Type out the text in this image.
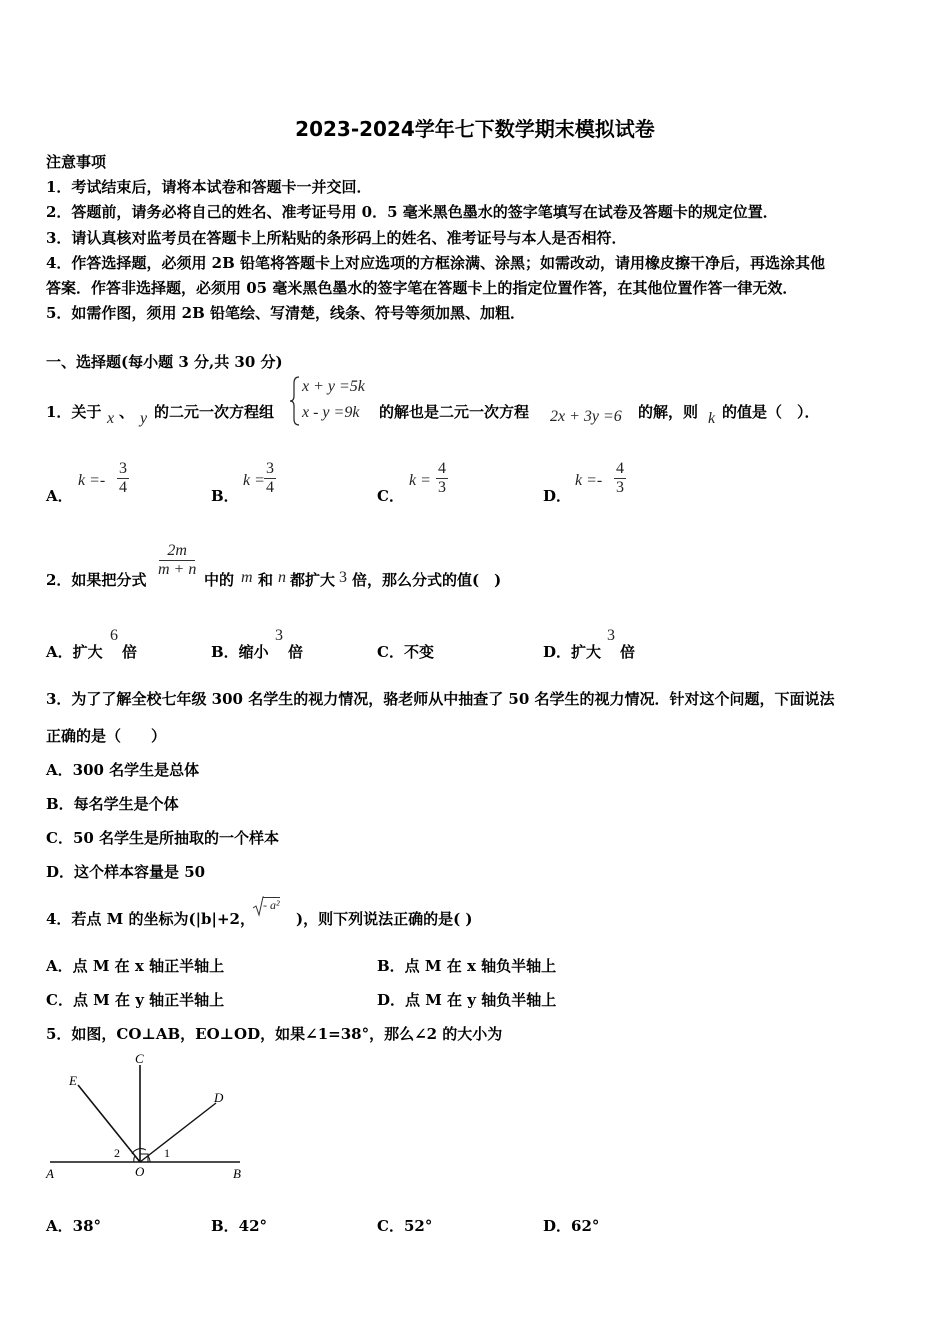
2023-2024学年七下数学期末模拟试卷
注意事项
1．考试结束后，请将本试卷和答题卡一并交回．
2．答题前，请务必将自己的姓名、准考证号用 0．5 毫米黑色墨水的签字笔填写在试卷及答题卡的规定位置．
3．请认真核对监考员在答题卡上所粘贴的条形码上的姓名、准考证号与本人是否相符．
4．作答选择题，必须用 2B 铅笔将答题卡上对应选项的方框涂满、涂黑；如需改动，请用橡皮擦干净后，再选涂其他
答案．作答非选择题，必须用 05 毫米黑色墨水的签字笔在答题卡上的指定位置作答，在其他位置作答一律无效．
5．如需作图，须用 2B 铅笔绘、写清楚，线条、符号等须加黑、加粗．
一、选择题(每小题 3 分,共 30 分)
1．关于 x 、 y 的二元一次方程组
x + y =5k
x - y =9k 的解也是二元一次方程 2x + 3y =6 的解，则 k 的值是（　）．
A．
$k =- \frac{3}{4}$	B．
$k = \frac{3}{4}$	C．
$k = \frac{4}{3}$	D．
$k =- \frac{4}{3}$
2．如果把分式
$\frac{2m}{m + n}$
中的 m 和 n 都扩大 3 倍，那么分式的值(　)
A．扩大
6
倍	B．缩小
3
倍	C．不变	D．扩大
3
倍
3．为了了解全校七年级 300 名学生的视力情况，骆老师从中抽查了 50 名学生的视力情况．针对这个问题，下面说法
正确的是（　　）
A．300 名学生是总体
B．每名学生是个体
C．50 名学生是所抽取的一个样本
D．这个样本容量是 50
4．若点 M 的坐标为(|b|+2，
- a²
)，则下列说法正确的是( )
A．点 M 在 x 轴正半轴上	B．点 M 在 x 轴负半轴上
C．点 M 在 y 轴正半轴上	D．点 M 在 y 轴负半轴上
5．如图，CO⊥AB，EO⊥OD，如果∠1=38°，那么∠2 的大小为
A	B
C
D
E
O
1
2
A．38°	B．42°	C．52°	D．62°
